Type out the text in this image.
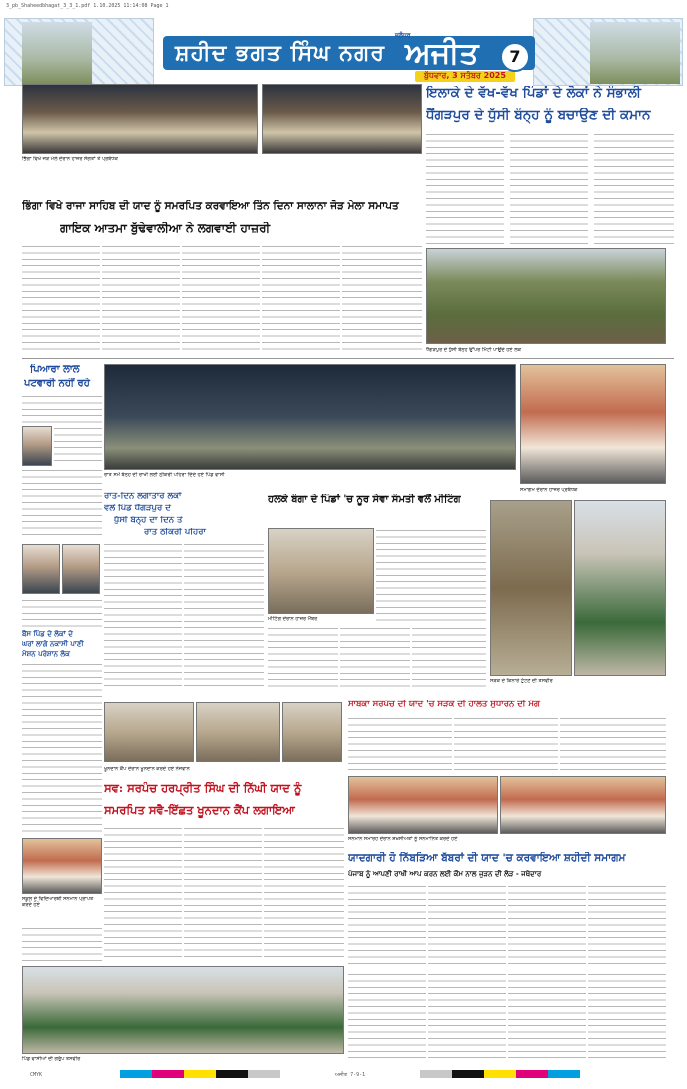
3_pb_Shaheedbhagat_3_3_1.pdf 1.10.2025 11:14:08 Page 1
ਸ਼ਹੀਦ ਭਗਤ ਸਿੰਘ ਨਗਰ
ਜਲੰਧਰ
ਅਜੀਤ
ਬੁੱਧਵਾਰ, 3 ਸਤੰਬਰ 2025
7
ਭਿੰਗਾ ਵਿਖੇ ਜੋੜ ਮੇਲੇ ਦੌਰਾਨ ਹਾਜ਼ਰ ਸੰਗਤਾਂ ਤੇ ਪ੍ਰਬੰਧਕ
ਇਲਾਕੇ ਦੇ ਵੱਖ-ਵੱਖ ਪਿੰਡਾਂ ਦੇ ਲੋਕਾਂ ਨੇ ਸੰਭਾਲੀ
ਧੈਂਗੜਪੁਰ ਦੇ ਧੁੱਸੀ ਬੰਨ੍ਹ ਨੂੰ ਬਚਾਉਣ ਦੀ ਕਮਾਨ
ਧੈਂਗੜਪੁਰ ਦੇ ਧੁੱਸੀ ਬੰਨ੍ਹ ਉੱਪਰ ਮਿੱਟੀ ਪਾਉਂਦੇ ਹੋਏ ਲੋਕ
ਭਿੰਗਾ ਵਿਖੇ ਰਾਜਾ ਸਾਹਿਬ ਦੀ ਯਾਦ ਨੂੰ ਸਮਰਪਿਤ ਕਰਵਾਇਆ ਤਿੰਨ ਦਿਨਾ ਸਾਲਾਨਾ ਜੋੜ ਮੇਲਾ ਸਮਾਪਤ
ਗਾਇਕ ਆਤਮਾ ਬੁੱਢੇਵਾਲੀਆ ਨੇ ਲਗਵਾਈ ਹਾਜ਼ਰੀ
ਪਿਆਰਾ ਲਾਲ
ਪਟਵਾਰੀ ਨਹੀਂ ਰਹੇ
ਰਾਤ ਸਮੇਂ ਬੰਨ੍ਹ ਦੀ ਰਾਖੀ ਲਈ ਠੀਕਰੀ ਪਹਿਰਾ ਦਿੰਦੇ ਹੋਏ ਪਿੰਡ ਵਾਸੀ
ਸਮਾਗਮ ਦੌਰਾਨ ਹਾਜ਼ਰ ਪ੍ਰਬੰਧਕ
ਰਾਤ-ਦਿਨ ਲਗਾਤਾਰ ਲੋਕਾਂ
ਵਲੋਂ ਪਿੰਡ ਧੈਂਗੜਪੁਰ ਦੇ
ਧੁੱਸੀ ਬੰਨ੍ਹ ਦਾ ਦਿਨ ਤੇ
ਰਾਤ ਠੀਕਰੀ ਪਹਿਰਾ
ਹਲਕੇ ਬੰਗਾ ਦੇ ਪਿੰਡਾਂ 'ਚ ਨੂਰ ਸੇਵਾ ਸੰਮਤੀ ਵਲੋਂ ਮੀਟਿੰਗ
ਮੀਟਿੰਗ ਦੌਰਾਨ ਹਾਜ਼ਰ ਮੈਂਬਰ
ਸੜਕ ਦੇ ਕਿਨਾਰੇ ਟੁੱਟਣ ਦੀ ਤਸਵੀਰ
ਬੈਂਸ ਪਿੰਡ ਦੇ ਲੋਕਾਂ ਦੇ
ਘਰਾਂ ਲਾਗੇ ਨਕਾਸੀ ਪਾਣੀ
ਮੋਸ਼ਨ ਪਰੇਸ਼ਾਨ ਲੋਕ
ਸਕੂਲ ਦੇ ਵਿਦਿਆਰਥੀ ਸਨਮਾਨ ਪ੍ਰਾਪਤ ਕਰਦੇ ਹੋਏ
ਖੂਨਦਾਨ ਕੈਂਪ ਦੌਰਾਨ ਖੂਨਦਾਨ ਕਰਦੇ ਹੋਏ ਨੌਜਵਾਨ
ਸਵ: ਸਰਪੰਚ ਹਰਪ੍ਰੀਤ ਸਿੰਘ ਦੀ ਨਿੱਘੀ ਯਾਦ ਨੂੰ
ਸਮਰਪਿਤ ਸਵੈ-ਇੱਛਤ ਖੂਨਦਾਨ ਕੈਂਪ ਲਗਾਇਆ
ਸਾਬਕਾ ਸਰਪੰਚ ਦੀ ਯਾਦ 'ਚ ਸੜਕ ਦੀ ਹਾਲਤ ਸੁਧਾਰਨ ਦੀ ਮੰਗ
ਸਨਮਾਨ ਸਮਾਰੋਹ ਦੌਰਾਨ ਸ਼ਖ਼ਸੀਅਤਾਂ ਨੂੰ ਸਨਮਾਨਿਤ ਕਰਦੇ ਹੋਏ
ਯਾਦਗਾਰੀ ਹੋ ਨਿੱਬੜਿਆ ਬੱਬਰਾਂ ਦੀ ਯਾਦ 'ਚ ਕਰਵਾਇਆ ਸ਼ਹੀਦੀ ਸਮਾਗਮ
ਪੰਜਾਬ ਨੂੰ ਆਪਣੀ ਰਾਖੀ ਆਪ ਕਰਨ ਲਈ ਕੌਮ ਨਾਲ ਜੁੜਨ ਦੀ ਲੋੜ - ਜਥੇਦਾਰ
ਪਿੰਡ ਵਾਸੀਆਂ ਦੀ ਗਰੁੱਪ ਤਸਵੀਰ
CMYK	ਅਜੀਤ 7-9-1
